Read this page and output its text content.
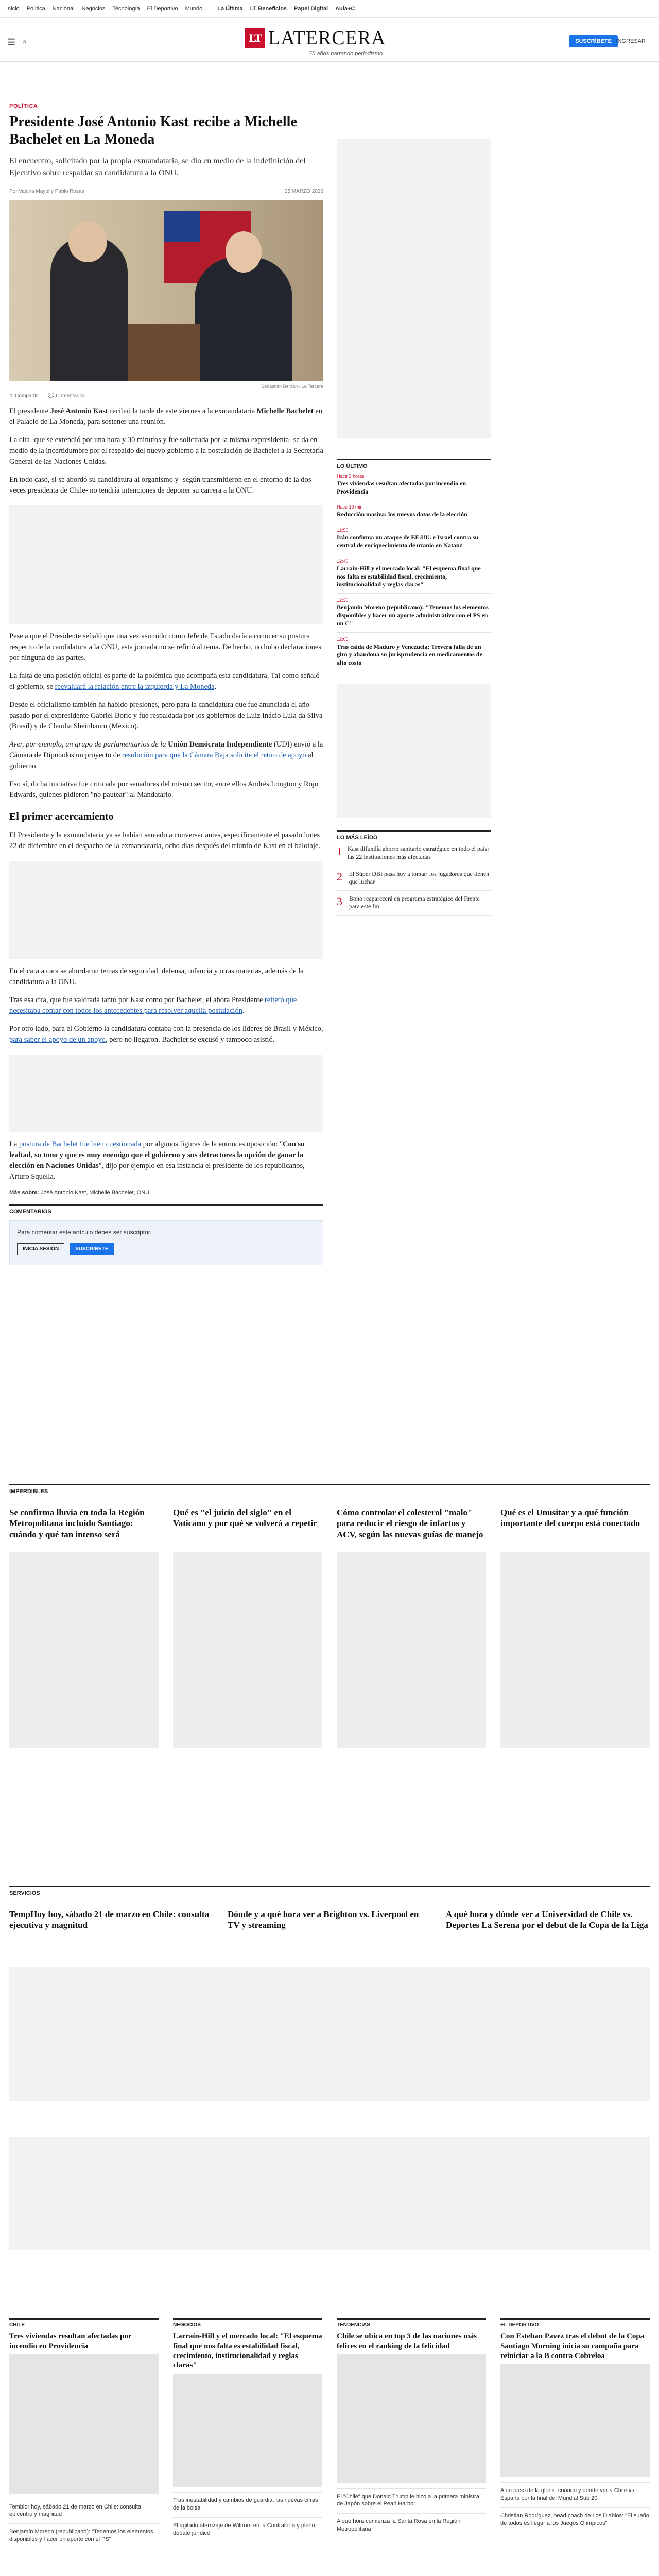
Inicio Política Nacional Negocios Tecnología El Deportivo Mundo	La Última LT Beneficios Papel Digital Aula+C
☰ ⌕	LT LATERCERA
75 años narrando periodismo
SUSCRÍBETE INGRESAR
POLÍTICA
Presidente José Antonio Kast recibe a Michelle Bachelet en La Moneda

El encuentro, solicitado por la propia exmandataria, se dio en medio de la indefinición del Ejecutivo sobre respaldar su candidatura a la ONU.

Por Valeria Mayol y Pablo Rosas	25 MARZO 2026
Sebastián Beltrán / La Tercera
⇪ Compartir 💬 Comentarios

El presidente José Antonio Kast recibió la tarde de este viernes a la exmandataria Michelle Bachelet en el Palacio de La Moneda, para sostener una reunión.

La cita -que se extendió por una hora y 30 minutos y fue solicitada por la misma expresidenta- se da en medio de la incertidumbre por el respaldo del nuevo gobierno a la postulación de Bachelet a la Secretaría General de las Naciones Unidas.

En todo caso, si se abordó su candidatura al organismo y -según transmitieron en el entorno de la dos veces presidenta de Chile- no tendría intenciones de deponer su carrera a la ONU.

Pese a que el Presidente señaló que una vez asumido como Jefe de Estado daría a conocer su postura respecto de la candidatura a la ONU, esta jornada no se refirió al tema. De hecho, no hubo declaraciones por ninguna de las partes.

La falta de una posición oficial es parte de la polémica que acompaña esta candidatura. Tal como señaló el gobierno, se reevaluará la relación entre la izquierda y La Moneda.

Desde el oficialismo también ha habido presiones, pero para la candidatura que fue anunciada el año pasado por el expresidente Gabriel Boric y fue respaldada por los gobiernos de Luiz Inácio Lula da Silva (Brasil) y de Claudia Sheinbaum (México).

Ayer, por ejemplo, un grupo de parlamentarios de la Unión Demócrata Independiente (UDI) envió a la Cámara de Diputados un proyecto de resolución para que la Cámara Baja solicite el retiro de apoyo al gobierno.

Eso sí, dicha iniciativa fue criticada por senadores del mismo sector, entre ellos Andrés Longton y Rojo Edwards, quienes pidieron "no pautear" al Mandatario.

El primer acercamiento

El Presidente y la exmandataria ya se habían sentado a conversar antes, específicamente el pasado lunes 22 de diciembre en el despacho de la exmandataria, ocho días después del triunfo de Kast en el balotaje.

En el cara a cara se abordaron temas de seguridad, defensa, infancia y otras materias, además de la candidatura a la ONU.

Tras esa cita, que fue valorada tanto por Kast como por Bachelet, el ahora Presidente reiteró que necesitaba contar con todos los antecedentes para resolver aquella postulación.

Por otro lado, para el Gobierno la candidatura contaba con la presencia de los líderes de Brasil y México, para saber el apoyo de un apoyo, pero no llegaron. Bachelet se excusó y tampoco asistió.

La postura de Bachelet fue bien cuestionada por algunos figuras de la entonces oposición: "Con su lealtad, su tono y que es muy enemigo que el gobierno y sus detractores la opción de ganar la elección en Naciones Unidas", dijo por ejemplo en esa instancia el presidente de los republicanos, Arturo Squella.

Más sobre: José Antonio Kast, Michelle Bachelet, ONU
COMENTARIOS
Para comentar este artículo debes ser suscriptor.
INICIA SESIÓN	SUSCRÍBETE
LO ÚLTIMO
Hace 3 horas
Tres viviendas resultan afectadas por incendio en Providencia
Hace 10 min.
Reducción masiva: los nuevos datos de la elección
12:55
Irán confirma un ataque de EE.UU. e Israel contra su central de enriquecimiento de uranio en Natanz
12:40
Larraín-Hill y el mercado local: "El esquema final que nos falta es estabilidad fiscal, crecimiento, institucionalidad y reglas claras"
12:30
Benjamín Moreno (republicano): "Tenemos los elementos disponibles y hacer un aporte administrativo con el PS en un C"
12:05
Tras caída de Maduro y Venezuela: Trevera falla de un giro y abandona su jurisprudencia en medicamentos de alto costo
LO MÁS LEÍDO
1 Kast difundía ahorro sanitario estratégico en todo el país: las 22 instituciones más afectadas
2 El Súper DBI pasa hoy a tomar: los jugadores que tienen que luchar
3 Bono reaparecerá en programa estratégico del Frente para este fin
IMPERDIBLES
Se confirma lluvia en toda la Región Metropolitana incluido Santiago: cuándo y qué tan intenso será
Qué es "el juicio del siglo" en el Vaticano y por qué se volverá a repetir
Cómo controlar el colesterol "malo" para reducir el riesgo de infartos y ACV, según las nuevas guías de manejo
Qué es el Unusitar y a qué función importante del cuerpo está conectado
SERVICIOS
TempHoy hoy, sábado 21 de marzo en Chile: consulta ejecutiva y magnitud
Dónde y a qué hora ver a Brighton vs. Liverpool en TV y streaming
A qué hora y dónde ver a Universidad de Chile vs. Deportes La Serena por el debut de la Copa de la Liga
CHILE
Tres viviendas resultan afectadas por incendio en Providencia
Temblor hoy, sábado 21 de marzo en Chile: consulta epicentro y magnitud
Benjamín Moreno (republicano): "Tenemos los elementos disponibles y hacer un aporte con el PS"
NEGOCIOS
Larraín-Hill y el mercado local: "El esquema final que nos falta es estabilidad fiscal, crecimiento, institucionalidad y reglas claras"
Tras inestabilidad y cambios de guardia, las nuevas cifras de la bolsa
El agitado aterrizaje de Wiltrom en la Contraloría y pleno debate jurídico
TENDENCIAS
Chile se ubica en top 3 de las naciones más felices en el ranking de la felicidad
El "Chile" que Donald Trump le hizo a la primera ministra de Japón sobre el Pearl Harbor
A qué hora comienza la Santa Rosa en la Región Metropolitana
EL DEPORTIVO
Con Esteban Pavez tras el debut de la Copa Santiago Morning inicia su campaña para reiniciar a la B contra Cobreloa
A un paso de la gloria: cuándo y dónde ver a Chile vs. España por la final del Mundial Sub 20
Christian Rodríguez, head coach de Los Diablos: "El sueño de todos es llegar a los Juegos Olímpicos"
